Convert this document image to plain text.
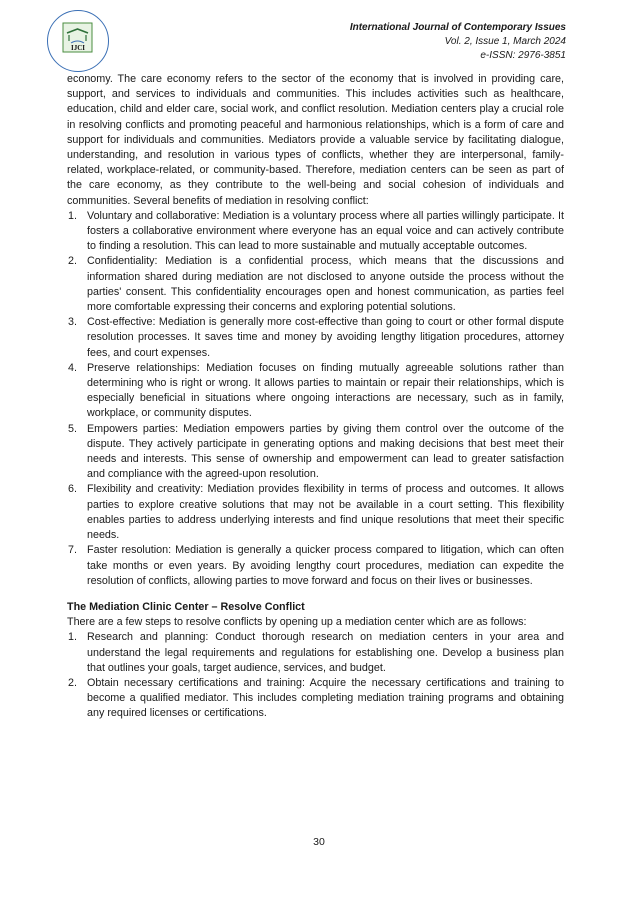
IJCI
International Journal of Contemporary Issues
Vol. 2, Issue 1, March 2024
e-ISSN: 2976-3851

economy. The care economy refers to the sector of the economy that is involved in providing care, support, and services to individuals and communities. This includes activities such as healthcare, education, child and elder care, social work, and conflict resolution. Mediation centers play a crucial role in resolving conflicts and promoting peaceful and harmonious relationships, which is a form of care and support for individuals and communities. Mediators provide a valuable service by facilitating dialogue, understanding, and resolution in various types of conflicts, whether they are interpersonal, family-related, workplace-related, or community-based. Therefore, mediation centers can be seen as part of the care economy, as they contribute to the well-being and social cohesion of individuals and communities. Several benefits of mediation in resolving conflict:

1. Voluntary and collaborative: Mediation is a voluntary process where all parties willingly participate. It fosters a collaborative environment where everyone has an equal voice and can actively contribute to finding a resolution. This can lead to more sustainable and mutually acceptable outcomes.
2. Confidentiality: Mediation is a confidential process, which means that the discussions and information shared during mediation are not disclosed to anyone outside the process without the parties' consent. This confidentiality encourages open and honest communication, as parties feel more comfortable expressing their concerns and exploring potential solutions.
3. Cost-effective: Mediation is generally more cost-effective than going to court or other formal dispute resolution processes. It saves time and money by avoiding lengthy litigation procedures, attorney fees, and court expenses.
4. Preserve relationships: Mediation focuses on finding mutually agreeable solutions rather than determining who is right or wrong. It allows parties to maintain or repair their relationships, which is especially beneficial in situations where ongoing interactions are necessary, such as in family, workplace, or community disputes.
5. Empowers parties: Mediation empowers parties by giving them control over the outcome of the dispute. They actively participate in generating options and making decisions that best meet their needs and interests. This sense of ownership and empowerment can lead to greater satisfaction and compliance with the agreed-upon resolution.
6. Flexibility and creativity: Mediation provides flexibility in terms of process and outcomes. It allows parties to explore creative solutions that may not be available in a court setting. This flexibility enables parties to address underlying interests and find unique resolutions that meet their specific needs.
7. Faster resolution: Mediation is generally a quicker process compared to litigation, which can often take months or even years. By avoiding lengthy court procedures, mediation can expedite the resolution of conflicts, allowing parties to move forward and focus on their lives or businesses.

The Mediation Clinic Center – Resolve Conflict

There are a few steps to resolve conflicts by opening up a mediation center which are as follows:

1. Research and planning: Conduct thorough research on mediation centers in your area and understand the legal requirements and regulations for establishing one. Develop a business plan that outlines your goals, target audience, services, and budget.
2. Obtain necessary certifications and training: Acquire the necessary certifications and training to become a qualified mediator. This includes completing mediation training programs and obtaining any required licenses or certifications.
30
